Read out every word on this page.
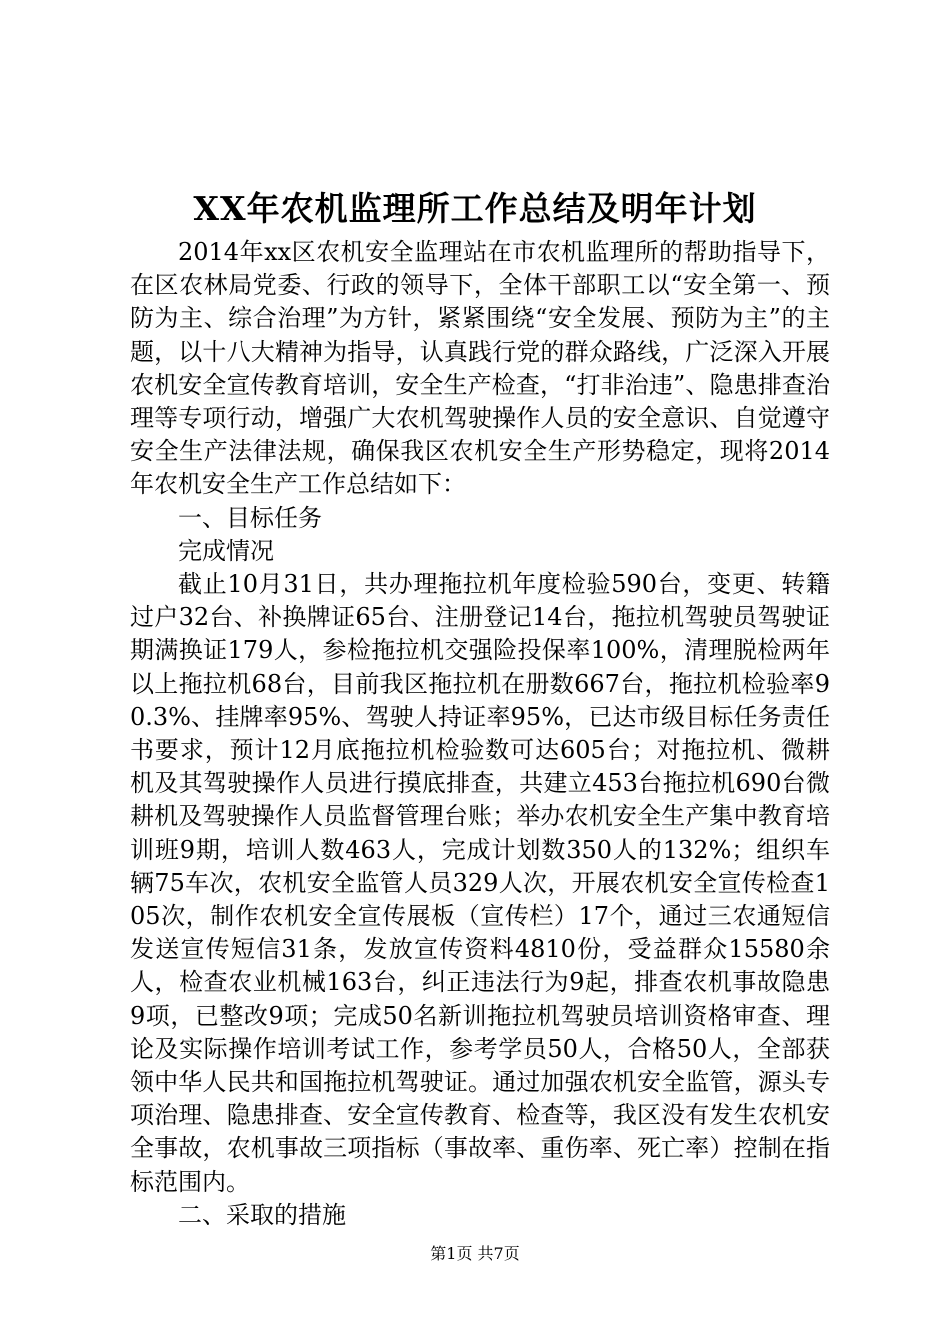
XX年农机监理所工作总结及明年计划

2014年xx区农机安全监理站在市农机监理所的帮助指导下，在区农林局党委、行政的领导下，全体干部职工以“安全第一、预防为主、综合治理”为方针，紧紧围绕“安全发展、预防为主”的主题，以十八大精神为指导，认真践行党的群众路线，广泛深入开展农机安全宣传教育培训，安全生产检查，“打非治违”、隐患排查治理等专项行动，增强广大农机驾驶操作人员的安全意识、自觉遵守安全生产法律法规，确保我区农机安全生产形势稳定，现将2014年农机安全生产工作总结如下：

一、目标任务

完成情况

截止10月31日，共办理拖拉机年度检验590台，变更、转籍过户32台、补换牌证65台、注册登记14台，拖拉机驾驶员驾驶证期满换证179人，参检拖拉机交强险投保率100%，清理脱检两年以上拖拉机68台，目前我区拖拉机在册数667台，拖拉机检验率90.3%、挂牌率95%、驾驶人持证率95%，已达市级目标任务责任书要求，预计12月底拖拉机检验数可达605台；对拖拉机、微耕机及其驾驶操作人员进行摸底排查，共建立453台拖拉机690台微耕机及驾驶操作人员监督管理台账；举办农机安全生产集中教育培训班9期，培训人数463人，完成计划数350人的132%；组织车辆75车次，农机安全监管人员329人次，开展农机安全宣传检查105次，制作农机安全宣传展板（宣传栏）17个，通过三农通短信发送宣传短信31条，发放宣传资料4810份，受益群众15580余人，检查农业机械163台，纠正违法行为9起，排查农机事故隐患9项，已整改9项；完成50名新训拖拉机驾驶员培训资格审查、理论及实际操作培训考试工作，参考学员50人，合格50人，全部获领中华人民共和国拖拉机驾驶证。通过加强农机安全监管，源头专项治理、隐患排查、安全宣传教育、检查等，我区没有发生农机安全事故，农机事故三项指标（事故率、重伤率、死亡率）控制在指标范围内。

二、采取的措施

第1页 共7页
